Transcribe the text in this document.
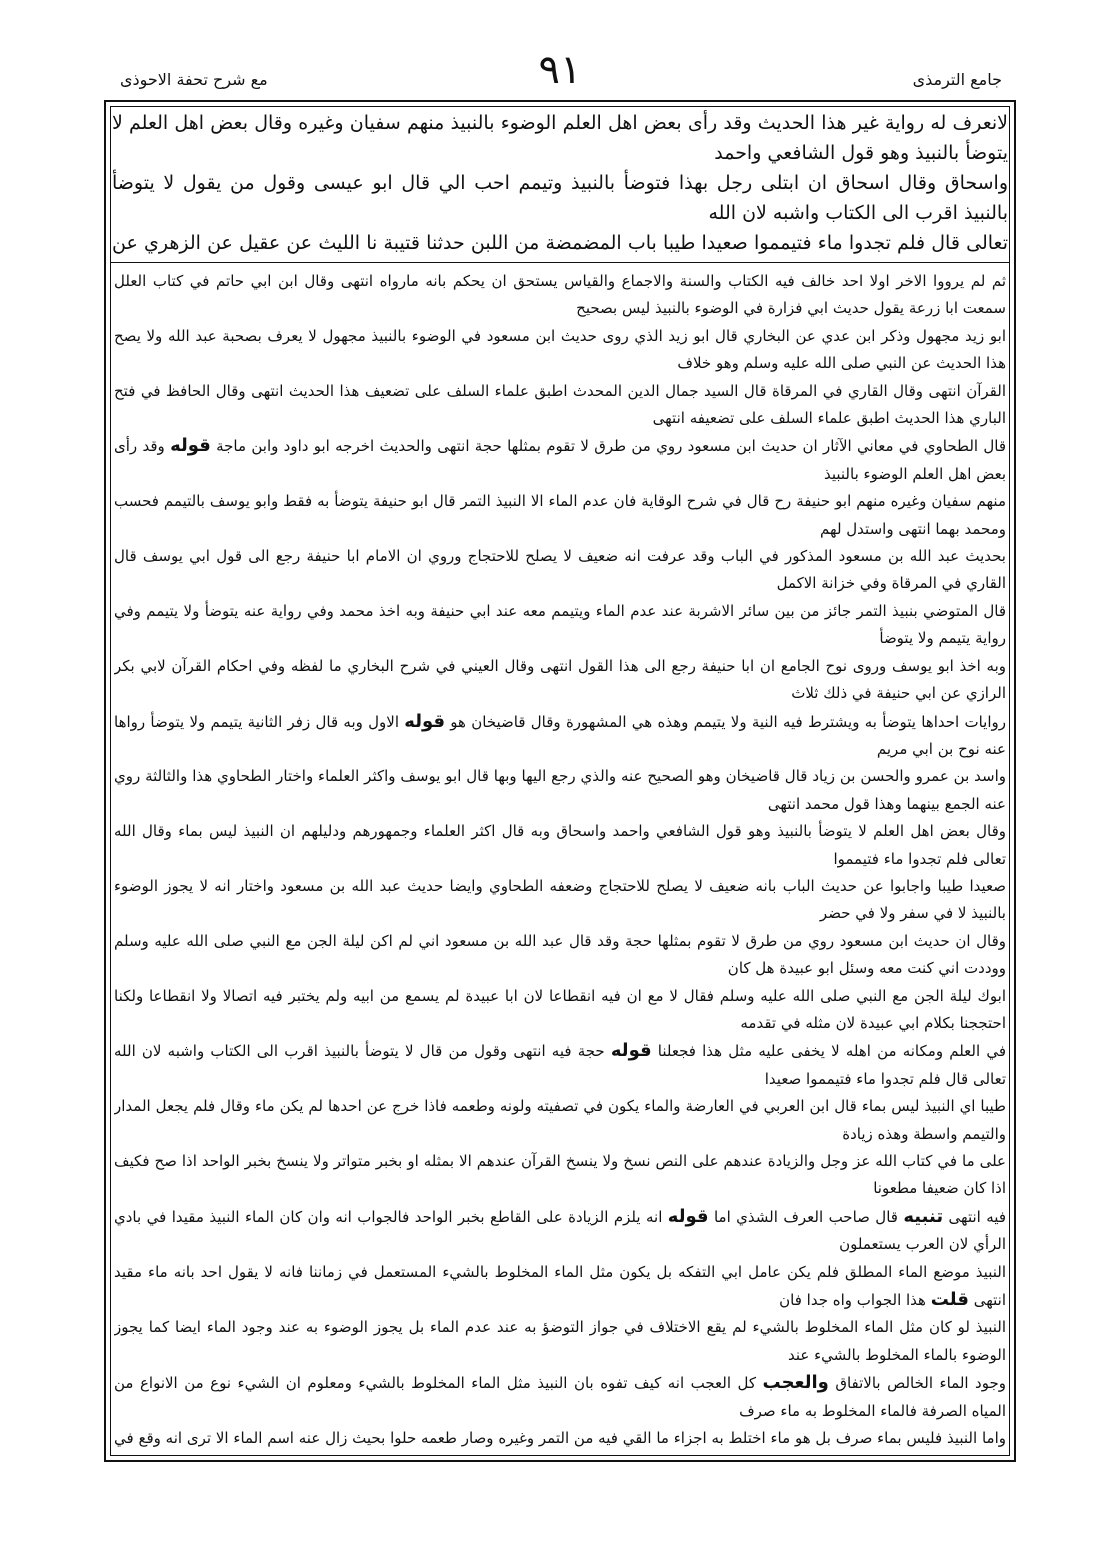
مع شرح تحفة الاحوذی	۹۱	جامع الترمذی

لانعرف له رواية غير هذا الحديث وقد رأى بعض اهل العلم الوضوء بالنبيذ منهم سفيان وغيره وقال بعض اهل العلم لا يتوضأ بالنبيذ وهو قول الشافعي واحمد

واسحاق وقال اسحاق ان ابتلى رجل بهذا فتوضأ بالنبيذ وتيمم احب الي قال ابو عيسى وقول من يقول لا يتوضأ بالنبيذ اقرب الى الكتاب واشبه لان الله

تعالى قال فلم تجدوا ماء فتيمموا صعيدا طيبا باب المضمضة من اللبن حدثنا قتيبة نا الليث عن عقيل عن الزهري عن

ثم لم يرووا الاخر اولا احد خالف فيه الكتاب والسنة والاجماع والقياس يستحق ان يحكم بانه مارواه انتهى وقال ابن ابي حاتم في كتاب العلل سمعت ابا زرعة يقول حديث ابي فزارة في الوضوء بالنبيذ ليس بصحيح

ابو زيد مجهول وذكر ابن عدي عن البخاري قال ابو زيد الذي روى حديث ابن مسعود في الوضوء بالنبيذ مجهول لا يعرف بصحبة عبد الله ولا يصح هذا الحديث عن النبي صلى الله عليه وسلم وهو خلاف

القرآن انتهى وقال القاري في المرقاة قال السيد جمال الدين المحدث اطبق علماء السلف على تضعيف هذا الحديث انتهى وقال الحافظ في فتح الباري هذا الحديث اطبق علماء السلف على تضعيفه انتهى

قال الطحاوي في معاني الآثار ان حديث ابن مسعود روي من طرق لا تقوم بمثلها حجة انتهى والحديث اخرجه ابو داود وابن ماجة قوله وقد رأى بعض اهل العلم الوضوء بالنبيذ

منهم سفيان وغيره منهم ابو حنيفة رح قال في شرح الوقاية فان عدم الماء الا النبيذ التمر قال ابو حنيفة يتوضأ به فقط وابو يوسف بالتيمم فحسب ومحمد بهما انتهى واستدل لهم

بحديث عبد الله بن مسعود المذكور في الباب وقد عرفت انه ضعيف لا يصلح للاحتجاج وروي ان الامام ابا حنيفة رجع الى قول ابي يوسف قال القاري في المرقاة وفي خزانة الاكمل

قال المتوضي بنبيذ التمر جائز من بين سائر الاشربة عند عدم الماء ويتيمم معه عند ابي حنيفة وبه اخذ محمد وفي رواية عنه يتوضأ ولا يتيمم وفي رواية يتيمم ولا يتوضأ

وبه اخذ ابو يوسف وروى نوح الجامع ان ابا حنيفة رجع الى هذا القول انتهى وقال العيني في شرح البخاري ما لفظه وفي احكام القرآن لابي بكر الرازي عن ابي حنيفة في ذلك ثلاث

روايات احداها يتوضأ به ويشترط فيه النية ولا يتيمم وهذه هي المشهورة وقال قاضيخان هو قوله الاول وبه قال زفر الثانية يتيمم ولا يتوضأ رواها عنه نوح بن ابي مريم

واسد بن عمرو والحسن بن زياد قال قاضيخان وهو الصحيح عنه والذي رجع اليها وبها قال ابو يوسف واكثر العلماء واختار الطحاوي هذا والثالثة روي عنه الجمع بينهما وهذا قول محمد انتهى

وقال بعض اهل العلم لا يتوضأ بالنبيذ وهو قول الشافعي واحمد واسحاق وبه قال اكثر العلماء وجمهورهم ودليلهم ان النبيذ ليس بماء وقال الله تعالى فلم تجدوا ماء فتيمموا

صعيدا طيبا واجابوا عن حديث الباب بانه ضعيف لا يصلح للاحتجاج وضعفه الطحاوي وايضا حديث عبد الله بن مسعود واختار انه لا يجوز الوضوء بالنبيذ لا في سفر ولا في حضر

وقال ان حديث ابن مسعود روي من طرق لا تقوم بمثلها حجة وقد قال عبد الله بن مسعود اني لم اكن ليلة الجن مع النبي صلى الله عليه وسلم ووددت اني كنت معه وسئل ابو عبيدة هل كان

ابوك ليلة الجن مع النبي صلى الله عليه وسلم فقال لا مع ان فيه انقطاعا لان ابا عبيدة لم يسمع من ابيه ولم يختبر فيه اتصالا ولا انقطاعا ولكنا احتججنا بكلام ابي عبيدة لان مثله في تقدمه

في العلم ومكانه من اهله لا يخفى عليه مثل هذا فجعلنا قوله حجة فيه انتهى وقول من قال لا يتوضأ بالنبيذ اقرب الى الكتاب واشبه لان الله تعالى قال فلم تجدوا ماء فتيمموا صعيدا

طيبا اي النبيذ ليس بماء قال ابن العربي في العارضة والماء يكون في تصفيته ولونه وطعمه فاذا خرج عن احدها لم يكن ماء وقال فلم يجعل المدار والتيمم واسطة وهذه زيادة

على ما في كتاب الله عز وجل والزيادة عندهم على النص نسخ ولا ينسخ القرآن عندهم الا بمثله او بخبر متواتر ولا ينسخ بخبر الواحد اذا صح فكيف اذا كان ضعيفا مطعونا

فيه انتهى تنبيه قال صاحب العرف الشذي اما قوله انه يلزم الزيادة على القاطع بخبر الواحد فالجواب انه وان كان الماء النبيذ مقيدا في بادي الرأي لان العرب يستعملون

النبيذ موضع الماء المطلق فلم يكن عامل ابي التفكه بل يكون مثل الماء المخلوط بالشيء المستعمل في زماننا فانه لا يقول احد بانه ماء مقيد انتهى قلت هذا الجواب واه جدا فان

النبيذ لو كان مثل الماء المخلوط بالشيء لم يقع الاختلاف في جواز التوضؤ به عند عدم الماء بل يجوز الوضوء به عند وجود الماء ايضا كما يجوز الوضوء بالماء المخلوط بالشيء عند

وجود الماء الخالص بالاتفاق والعجب كل العجب انه كيف تفوه بان النبيذ مثل الماء المخلوط بالشيء ومعلوم ان الشيء نوع من الانواع من المياه الصرفة فالماء المخلوط به ماء صرف

واما النبيذ فليس بماء صرف بل هو ماء اختلط به اجزاء ما القي فيه من التمر وغيره وصار طعمه حلوا بحيث زال عنه اسم الماء الا ترى انه وقع في
